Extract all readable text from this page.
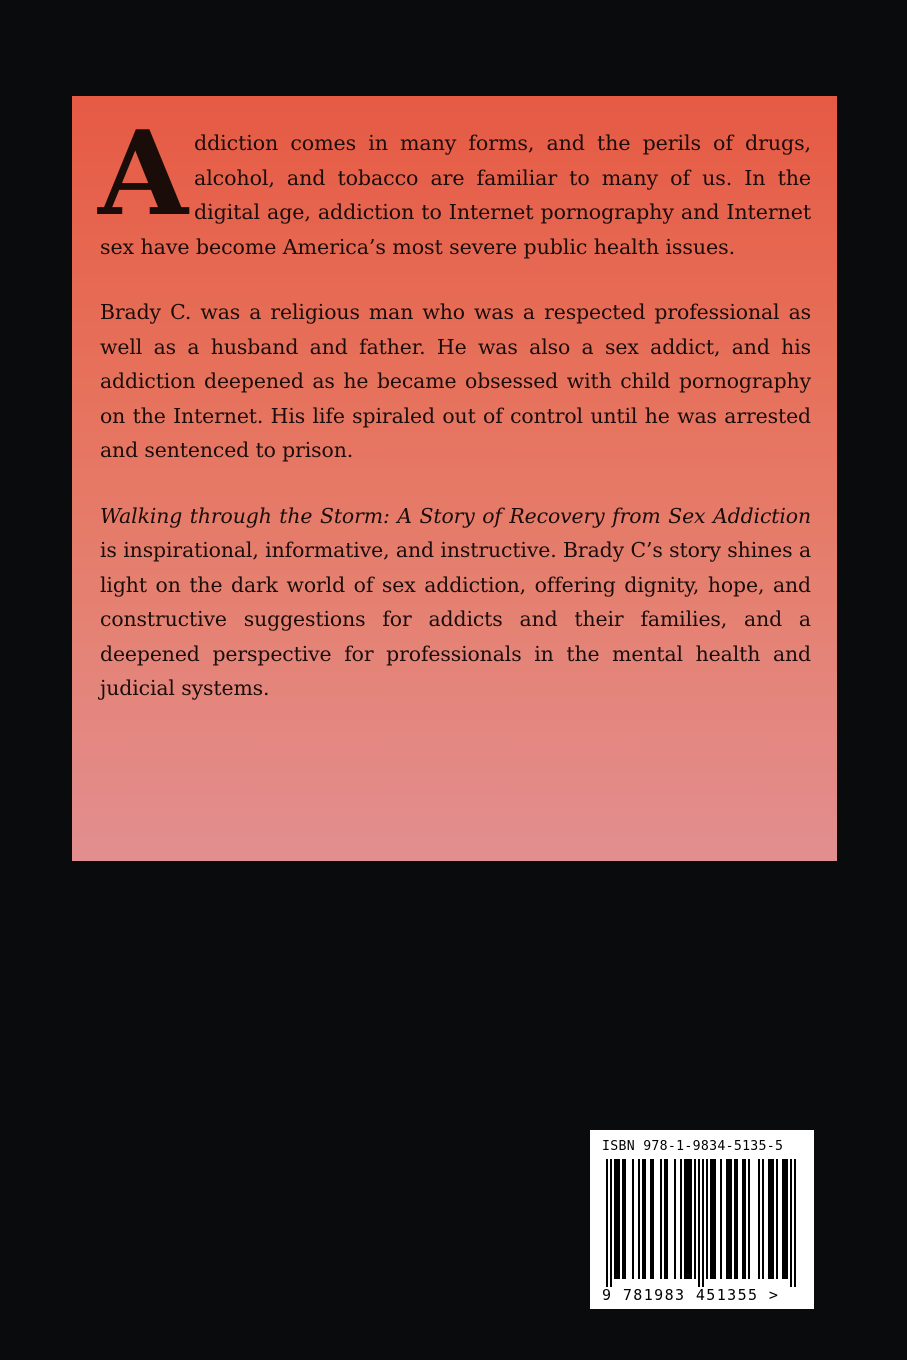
Addiction comes in many forms, and the perils of drugs, alcohol, and tobacco are familiar to many of us. In the digital age, addiction to Internet pornography and Internet sex have become America’s most severe public health issues.

Brady C. was a religious man who was a respected professional as well as a husband and father. He was also a sex addict, and his addiction deepened as he became obsessed with child pornography on the Internet. His life spiraled out of control until he was arrested and sentenced to prison.

Walking through the Storm: A Story of Recovery from Sex Addiction is inspirational, informative, and instructive. Brady C’s story shines a light on the dark world of sex addiction, offering dignity, hope, and constructive suggestions for addicts and their families, and a deepened perspective for professionals in the mental health and judicial systems.

ISBN 978-1-9834-5135-5
9 781983 451355 >
